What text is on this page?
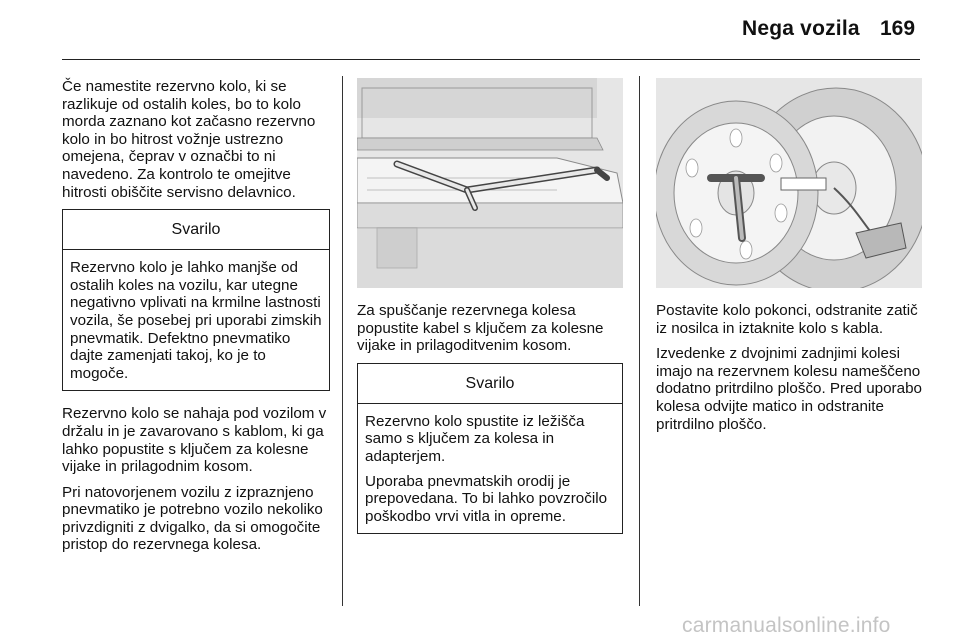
Nega vozila 169

Če namestite rezervno kolo, ki se razlikuje od ostalih koles, bo to kolo morda zaznano kot začasno rezervno kolo in bo hitrost vožnje ustrezno omejena, čeprav v označbi to ni navedeno. Za kontrolo te omejitve hitrosti obiščite servisno delavnico.

Svarilo

Rezervno kolo je lahko manjše od ostalih koles na vozilu, kar utegne negativno vplivati na krmilne lastnosti vozila, še posebej pri uporabi zimskih pnevmatik. Defektno pnevmatiko dajte zamenjati takoj, ko je to mogoče.

Rezervno kolo se nahaja pod vozilom v držalu in je zavarovano s kablom, ki ga lahko popustite s ključem za kolesne vijake in prilagodnim kosom.

Pri natovorjenem vozilu z izpraznjeno pnevmatiko je potrebno vozilo nekoliko privzdigniti z dvigalko, da si omogočite pristop do rezervnega kolesa.

Za spuščanje rezervnega kolesa popustite kabel s ključem za kolesne vijake in prilagoditvenim kosom.

Svarilo

Rezervno kolo spustite iz ležišča samo s ključem za kolesa in adapterjem.

Uporaba pnevmatskih orodij je prepovedana. To bi lahko povzročilo poškodbo vrvi vitla in opreme.

Postavite kolo pokonci, odstranite zatič iz nosilca in iztaknite kolo s kabla.

Izvedenke z dvojnimi zadnjimi kolesi imajo na rezervnem kolesu nameščeno dodatno pritrdilno ploščo. Pred uporabo kolesa odvijte matico in odstranite pritrdilno ploščo.

carmanualsonline.info
